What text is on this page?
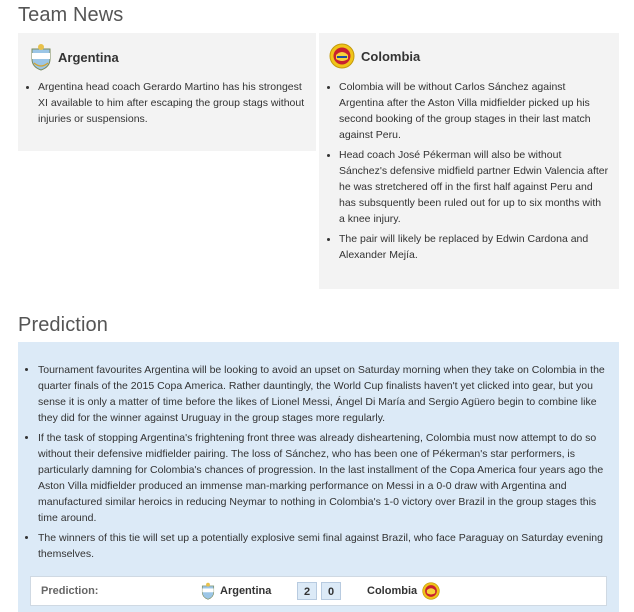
Team News
Argentina
• Argentina head coach Gerardo Martino has his strongest XI available to him after escaping the group stags without injuries or suspensions.
Colombia
• Colombia will be without Carlos Sánchez against Argentina after the Aston Villa midfielder picked up his second booking of the group stages in their last match against Peru.
• Head coach José Pékerman will also be without Sánchez's defensive midfield partner Edwin Valencia after he was stretchered off in the first half against Peru and has subsquently been ruled out for up to six months with a knee injury.
• The pair will likely be replaced by Edwin Cardona and Alexander Mejía.
Prediction
• Tournament favourites Argentina will be looking to avoid an upset on Saturday morning when they take on Colombia in the quarter finals of the 2015 Copa America. Rather dauntingly, the World Cup finalists haven't yet clicked into gear, but you sense it is only a matter of time before the likes of Lionel Messi, Ángel Di María and Sergio Agüero begin to combine like they did for the winner against Uruguay in the group stages more regularly.
• If the task of stopping Argentina's frightening front three was already disheartening, Colombia must now attempt to do so without their defensive midfielder pairing. The loss of Sánchez, who has been one of Pékerman's star performers, is particularly damning for Colombia's chances of progression. In the last installment of the Copa America four years ago the Aston Villa midfielder produced an immense man-marking performance on Messi in a 0-0 draw with Argentina and manufactured similar heroics in reducing Neymar to nothing in Colombia's 1-0 victory over Brazil in the group stages this time around.
• The winners of this tie will set up a potentially explosive semi final against Brazil, who face Paraguay on Saturday evening themselves.
Prediction:	Argentina	2	0	Colombia
